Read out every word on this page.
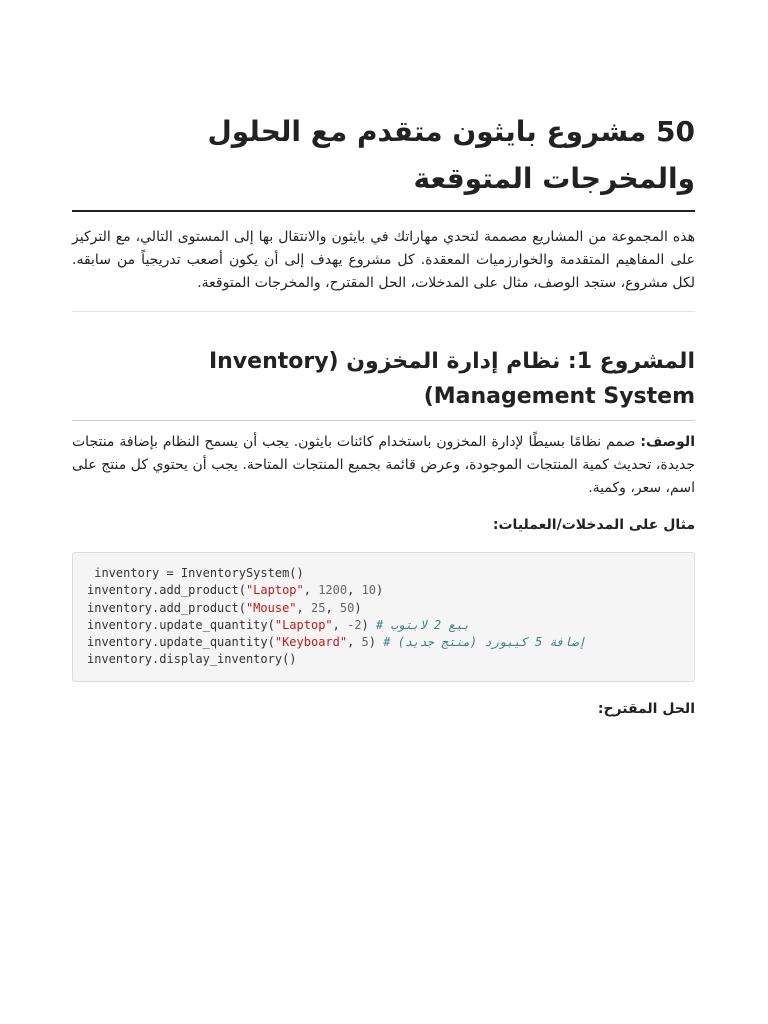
50 مشروع بايثون متقدم مع الحلول والمخرجات المتوقعة

هذه المجموعة من المشاريع مصممة لتحدي مهاراتك في بايثون والانتقال بها إلى المستوى التالي، مع التركيز على المفاهيم المتقدمة والخوارزميات المعقدة. كل مشروع يهدف إلى أن يكون أصعب تدريجياً من سابقه. لكل مشروع، ستجد الوصف، مثال على المدخلات، الحل المقترح، والمخرجات المتوقعة.

المشروع 1: نظام إدارة المخزون (Inventory Management System)

الوصف: صمم نظامًا بسيطًا لإدارة المخزون باستخدام كائنات بايثون. يجب أن يسمح النظام بإضافة منتجات جديدة، تحديث كمية المنتجات الموجودة، وعرض قائمة بجميع المنتجات المتاحة. يجب أن يحتوي كل منتج على اسم، سعر، وكمية.

مثال على المدخلات/العمليات:

inventory = InventorySystem()
inventory.add_product("Laptop", 1200, 10)
inventory.add_product("Mouse", 25, 50)
inventory.update_quantity("Laptop", -2) # بيع 2 لابتوب
inventory.update_quantity("Keyboard", 5) # إضافة 5 كيبورد (منتج جديد)
inventory.display_inventory()

الحل المقترح:
